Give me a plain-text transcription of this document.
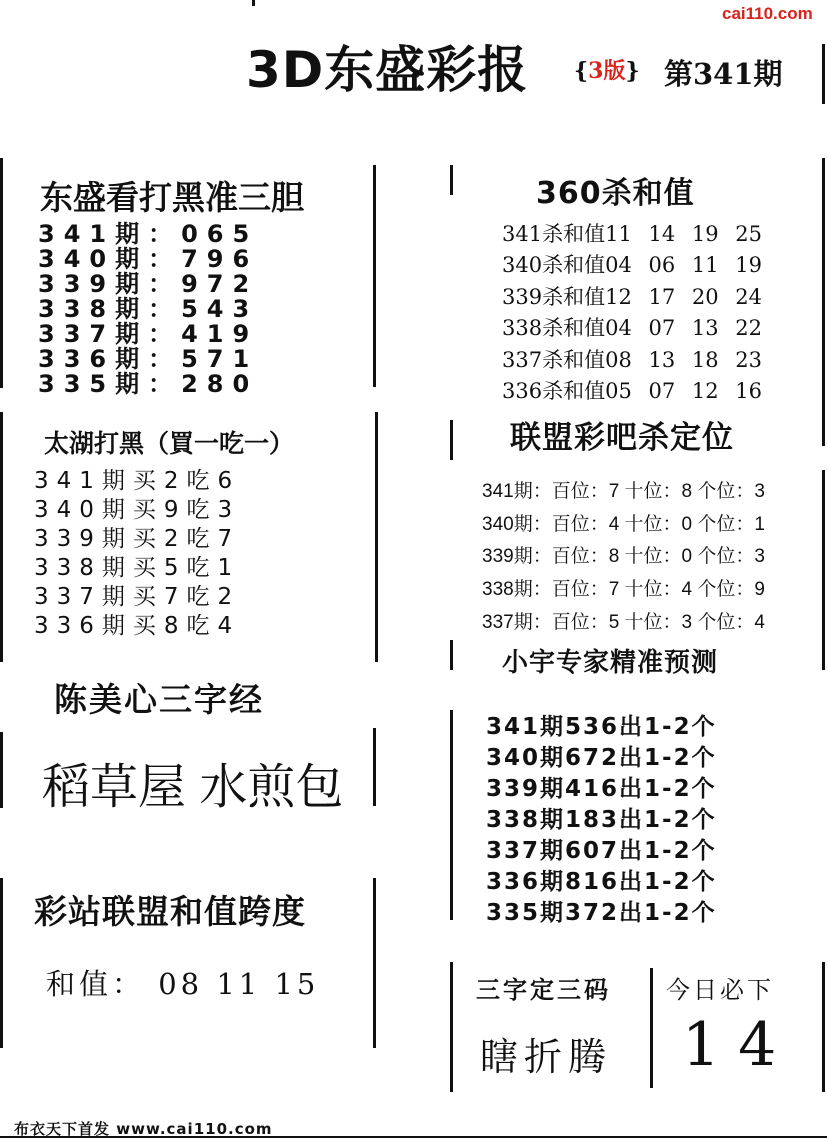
cai110.com
3D东盛彩报 {3版} 第341期
东盛看打黑准三胆
341期：065
340期：796
339期：972
338期：543
337期：419
336期：571
335期：280
太湖打黑（買一吃一）
341期买2吃6
340期买9吃3
339期买2吃7
338期买5吃1
337期买7吃2
336期买8吃4
陈美心三字经
稻草屋 水煎包
彩站联盟和值跨度
和值： 08 11 15
360杀和值
341杀和值11 14 19 25
340杀和值04 06 11 19
339杀和值12 17 20 24
338杀和值04 07 13 22
337杀和值08 13 18 23
336杀和值05 07 12 16
联盟彩吧杀定位
341期：百位：7 十位：8 个位：3
340期：百位：4 十位：0 个位：1
339期：百位：8 十位：0 个位：3
338期：百位：7 十位：4 个位：9
337期：百位：5 十位：3 个位：4
小宇专家精准预测
341期536出1-2个
340期672出1-2个
339期416出1-2个
338期183出1-2个
337期607出1-2个
336期816出1-2个
335期372出1-2个
三字定三码
瞎折腾
今日必下
14
布衣天下首发 www.cai110.com
